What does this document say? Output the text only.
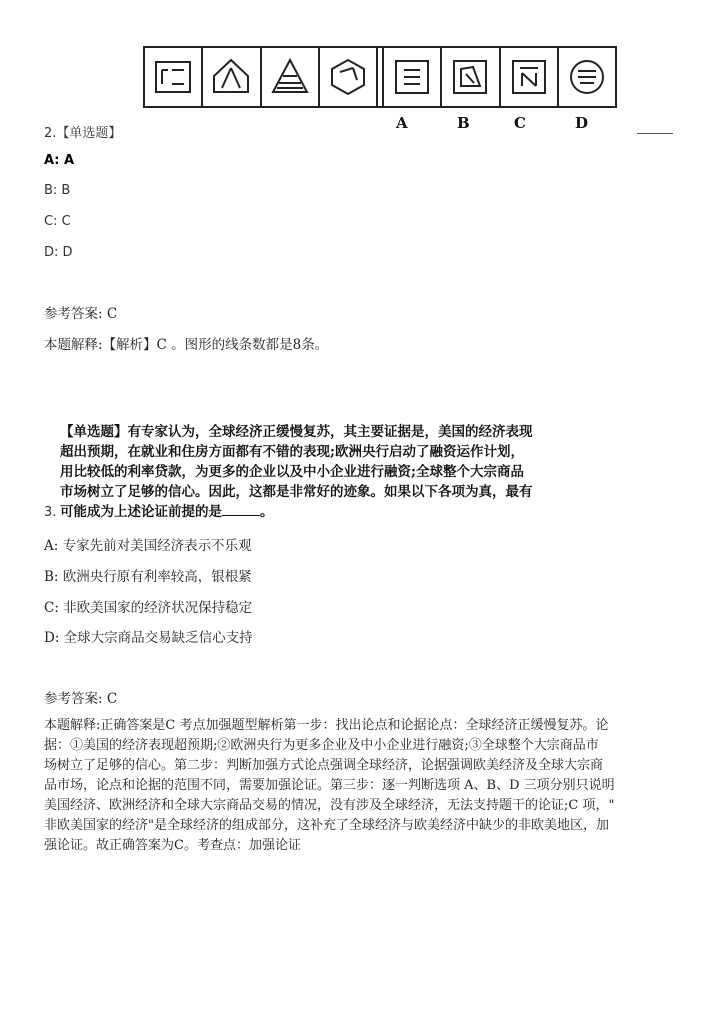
A	B	C	D
2.【单选题】
A: A
B: B
C: C
D: D
参考答案: C
本题解释:【解析】C 。图形的线条数都是8条。
【单选题】有专家认为，全球经济正缓慢复苏，其主要证据是，美国的经济表现
超出预期，在就业和住房方面都有不错的表现;欧洲央行启动了融资运作计划，
用比较低的利率贷款，为更多的企业以及中小企业进行融资;全球整个大宗商品
市场树立了足够的信心。因此，这都是非常好的迹象。如果以下各项为真，最有
可能成为上述论证前提的是	。
3.
A: 专家先前对美国经济表示不乐观
B: 欧洲央行原有利率较高，银根紧
C: 非欧美国家的经济状况保持稳定
D: 全球大宗商品交易缺乏信心支持
参考答案: C
本题解释:正确答案是C 考点加强题型解析第一步：找出论点和论据论点：全球经济正缓慢复苏。论
据：①美国的经济表现超预期;②欧洲央行为更多企业及中小企业进行融资;③全球整个大宗商品市
场树立了足够的信心。第二步：判断加强方式论点强调全球经济，论据强调欧美经济及全球大宗商
品市场，论点和论据的范围不同，需要加强论证。第三步：逐一判断选项 A、B、D 三项分别只说明
美国经济、欧洲经济和全球大宗商品交易的情况，没有涉及全球经济，无法支持题干的论证;C 项，"
非欧美国家的经济"是全球经济的组成部分，这补充了全球经济与欧美经济中缺少的非欧美地区，加
强论证。故正确答案为C。考查点：加强论证
